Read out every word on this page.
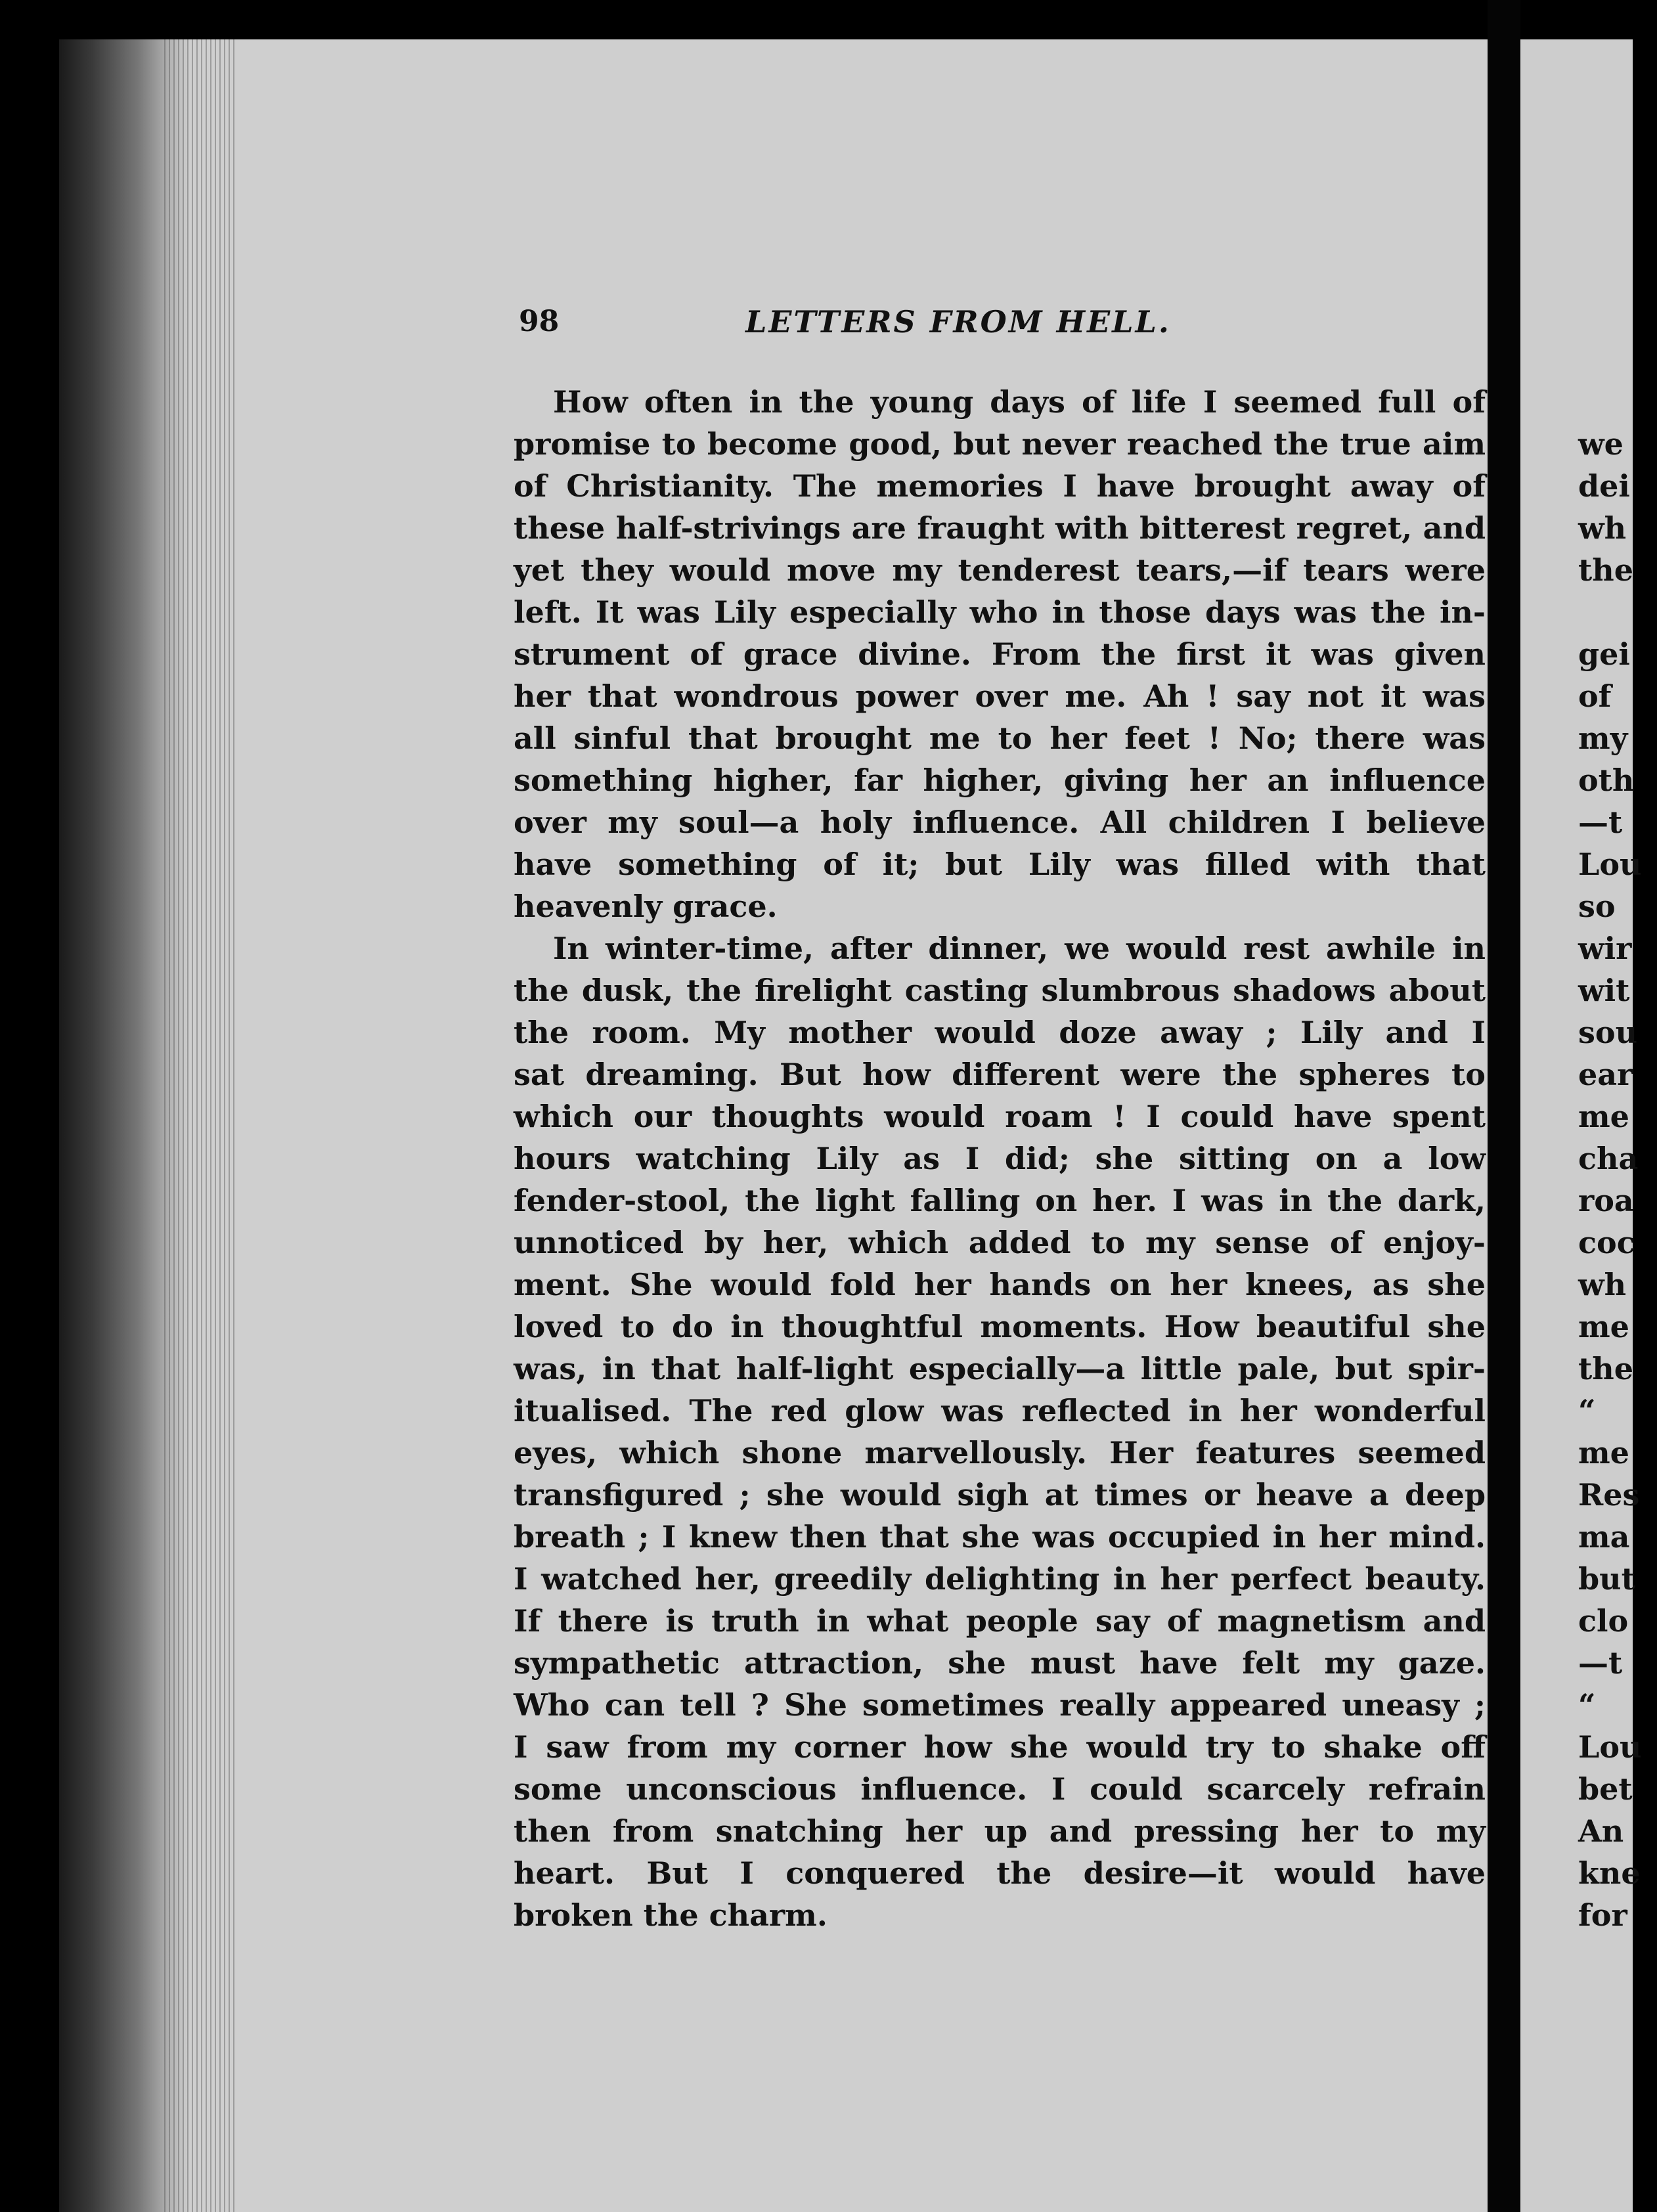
98	LETTERS FROM HELL.
How often in the young days of life I seemed full of
promise to become good, but never reached the true aim
of Christianity. The memories I have brought away of
these half-strivings are fraught with bitterest regret, and
yet they would move my tenderest tears,—if tears were
left. It was Lily especially who in those days was the in-
strument of grace divine. From the first it was given
her that wondrous power over me. Ah ! say not it was
all sinful that brought me to her feet ! No; there was
something higher, far higher, giving her an influence
over my soul—a holy influence. All children I believe
have something of it; but Lily was filled with that
heavenly grace.
In winter-time, after dinner, we would rest awhile in
the dusk, the firelight casting slumbrous shadows about
the room. My mother would doze away ; Lily and I
sat dreaming. But how different were the spheres to
which our thoughts would roam ! I could have spent
hours watching Lily as I did; she sitting on a low
fender-stool, the light falling on her. I was in the dark,
unnoticed by her, which added to my sense of enjoy-
ment. She would fold her hands on her knees, as she
loved to do in thoughtful moments. How beautiful she
was, in that half-light especially—a little pale, but spir-
itualised. The red glow was reflected in her wonderful
eyes, which shone marvellously. Her features seemed
transfigured ; she would sigh at times or heave a deep
breath ; I knew then that she was occupied in her mind.
I watched her, greedily delighting in her perfect beauty.
If there is truth in what people say of magnetism and
sympathetic attraction, she must have felt my gaze.
Who can tell ? She sometimes really appeared uneasy ;
I saw from my corner how she would try to shake off
some unconscious influence. I could scarcely refrain
then from snatching her up and pressing her to my
heart. But I conquered the desire—it would have
broken the charm.
we
dei
wh
the
gei
of
my
oth
—t
Lou
so
wir
wit
sou
ear
me
cha
roa
coc
wh
me
the
“
me
Res
ma
but
clo
—t
“
Lou
bet
An
kne
for
